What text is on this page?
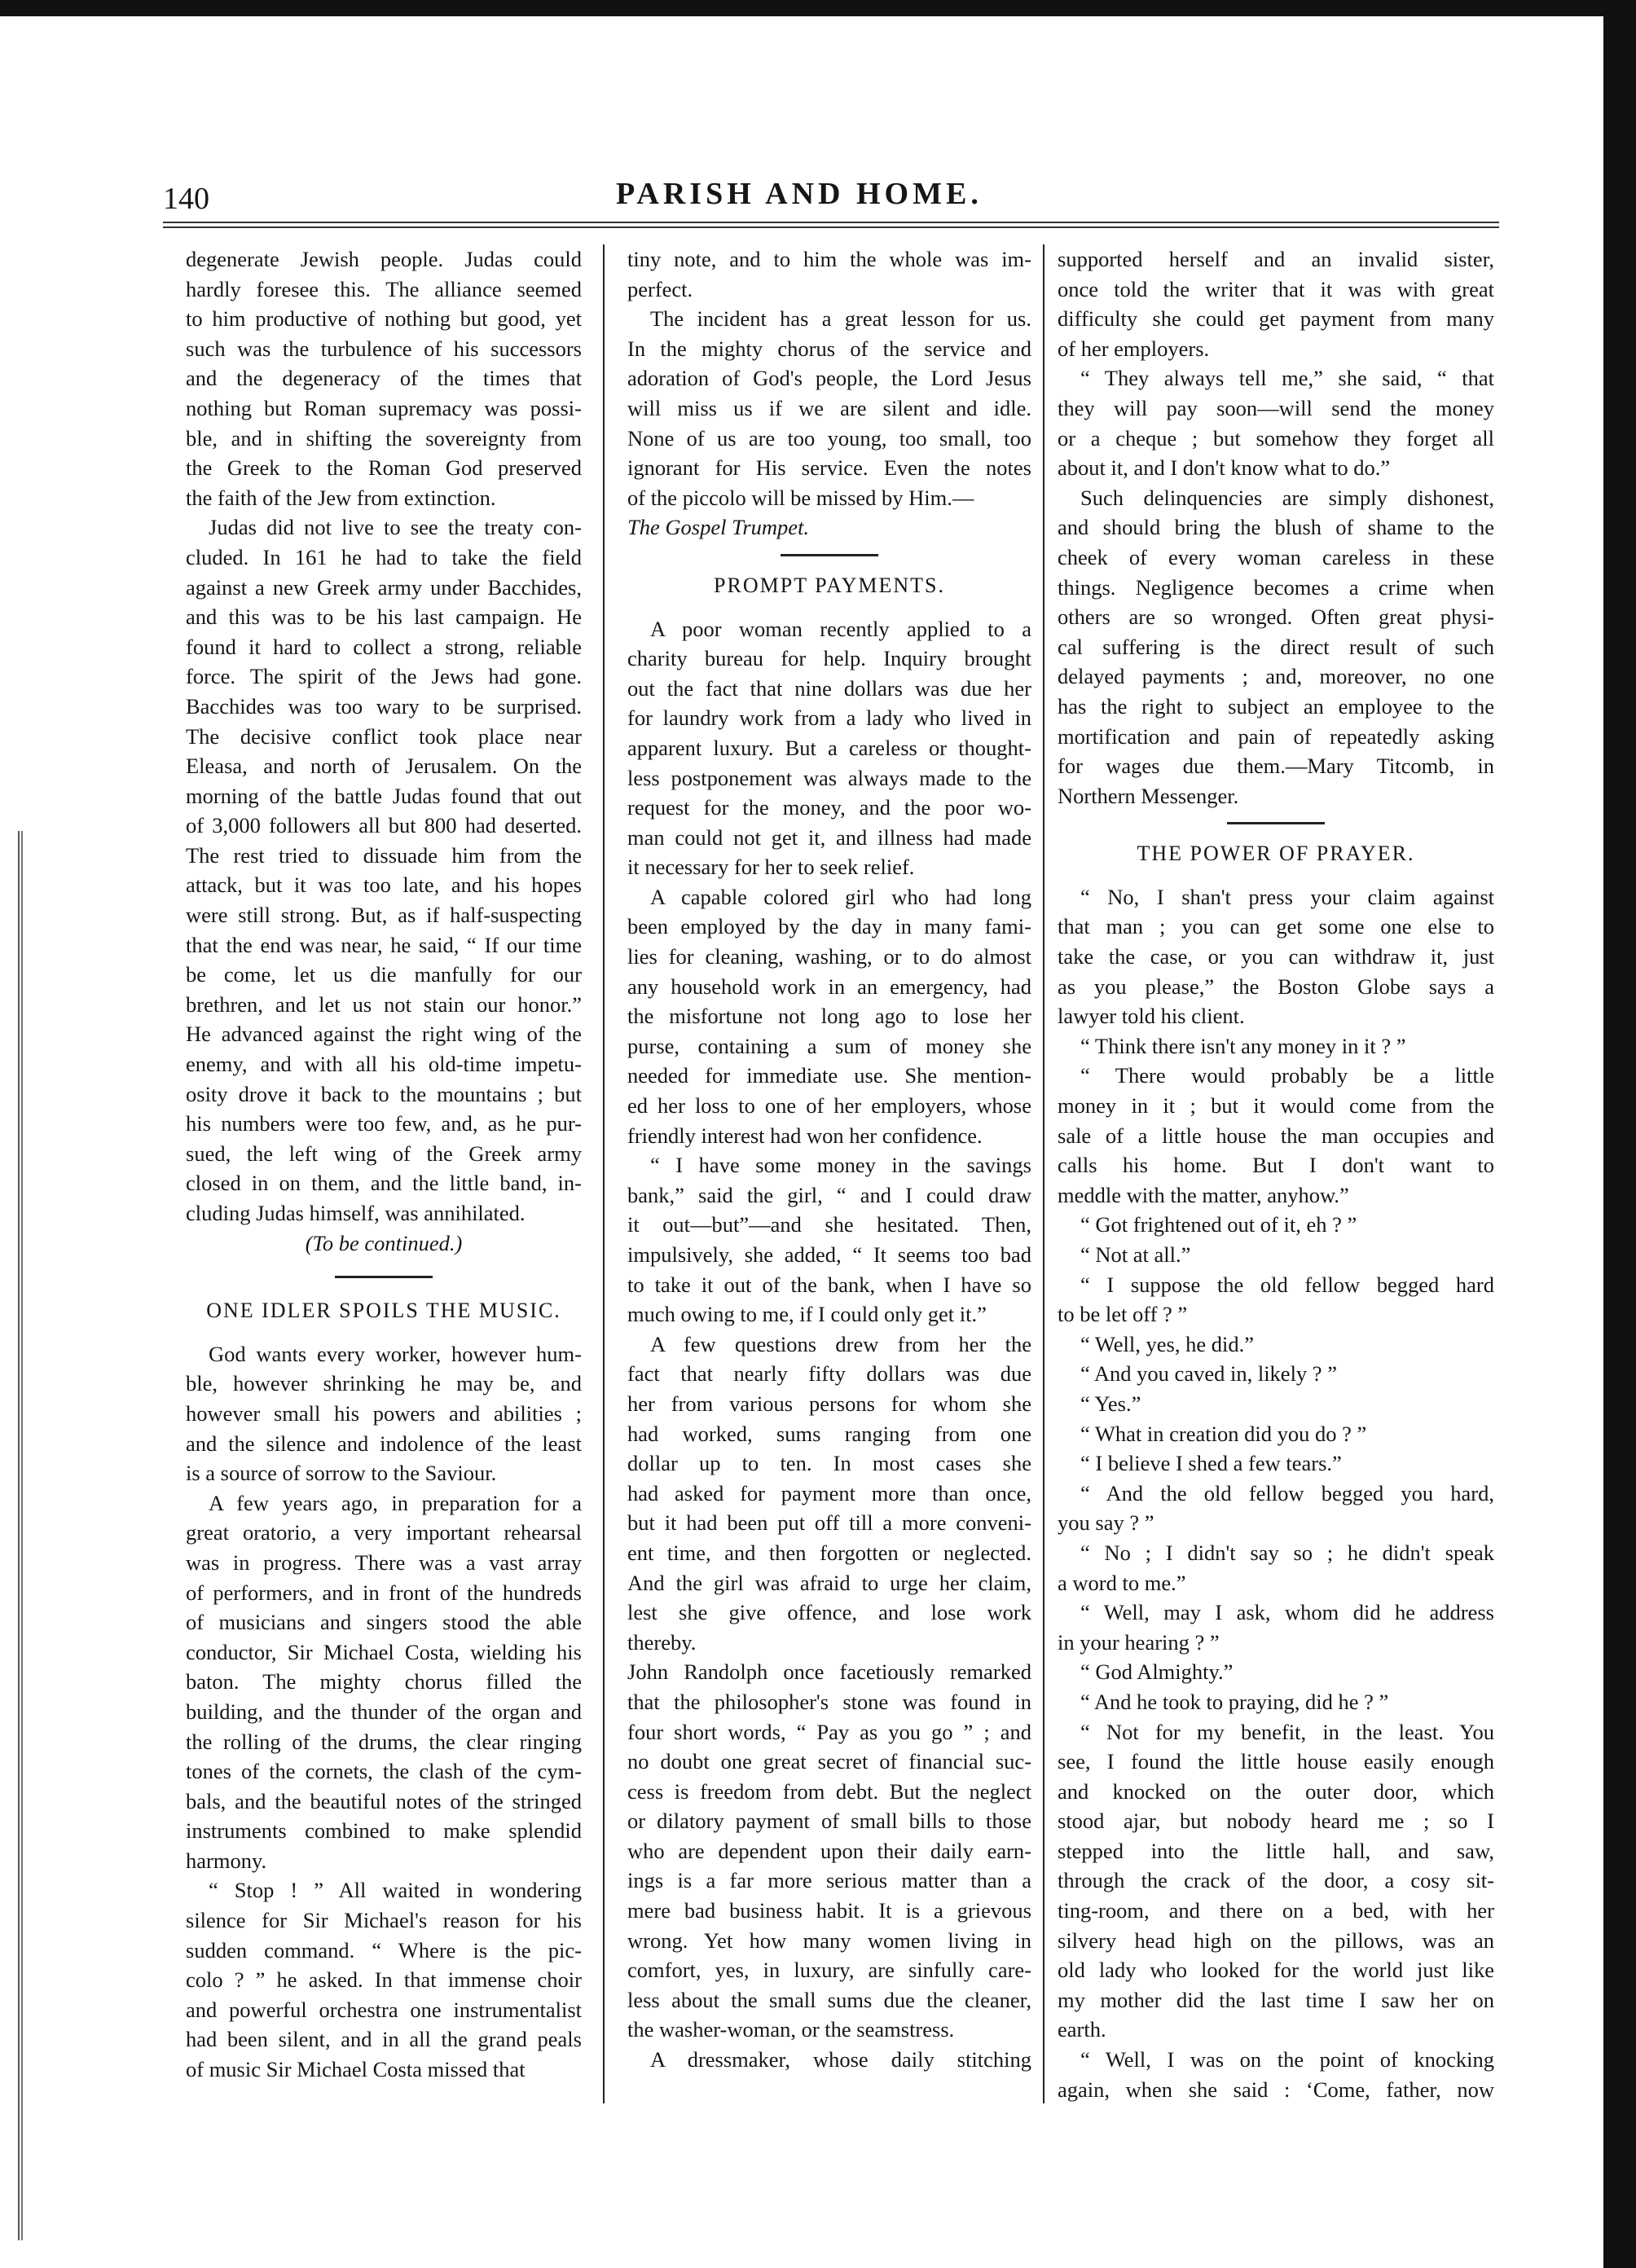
140	PARISH AND HOME.
degenerate Jewish people. Judas could
hardly foresee this. The alliance seemed
to him productive of nothing but good, yet
such was the turbulence of his successors
and the degeneracy of the times that
nothing but Roman supremacy was possi-
ble, and in shifting the sovereignty from
the Greek to the Roman God preserved
the faith of the Jew from extinction.
Judas did not live to see the treaty con-
cluded. In 161 he had to take the field
against a new Greek army under Bacchides,
and this was to be his last campaign. He
found it hard to collect a strong, reliable
force. The spirit of the Jews had gone.
Bacchides was too wary to be surprised.
The decisive conflict took place near
Eleasa, and north of Jerusalem. On the
morning of the battle Judas found that out
of 3,000 followers all but 800 had deserted.
The rest tried to dissuade him from the
attack, but it was too late, and his hopes
were still strong. But, as if half-suspecting
that the end was near, he said, “ If our time
be come, let us die manfully for our
brethren, and let us not stain our honor.”
He advanced against the right wing of the
enemy, and with all his old-time impetu-
osity drove it back to the mountains ; but
his numbers were too few, and, as he pur-
sued, the left wing of the Greek army
closed in on them, and the little band, in-
cluding Judas himself, was annihilated.
(To be continued.)
ONE IDLER SPOILS THE MUSIC.
God wants every worker, however hum-
ble, however shrinking he may be, and
however small his powers and abilities ;
and the silence and indolence of the least
is a source of sorrow to the Saviour.
A few years ago, in preparation for a
great oratorio, a very important rehearsal
was in progress. There was a vast array
of performers, and in front of the hundreds
of musicians and singers stood the able
conductor, Sir Michael Costa, wielding his
baton. The mighty chorus filled the
building, and the thunder of the organ and
the rolling of the drums, the clear ringing
tones of the cornets, the clash of the cym-
bals, and the beautiful notes of the stringed
instruments combined to make splendid
harmony.
“ Stop ! ” All waited in wondering
silence for Sir Michael's reason for his
sudden command. “ Where is the pic-
colo ? ” he asked. In that immense choir
and powerful orchestra one instrumentalist
had been silent, and in all the grand peals
of music Sir Michael Costa missed that
tiny note, and to him the whole was im-
perfect.
The incident has a great lesson for us.
In the mighty chorus of the service and
adoration of God's people, the Lord Jesus
will miss us if we are silent and idle.
None of us are too young, too small, too
ignorant for His service. Even the notes
of the piccolo will be missed by Him.—
The Gospel Trumpet.
PROMPT PAYMENTS.
A poor woman recently applied to a
charity bureau for help. Inquiry brought
out the fact that nine dollars was due her
for laundry work from a lady who lived in
apparent luxury. But a careless or thought-
less postponement was always made to the
request for the money, and the poor wo-
man could not get it, and illness had made
it necessary for her to seek relief.
A capable colored girl who had long
been employed by the day in many fami-
lies for cleaning, washing, or to do almost
any household work in an emergency, had
the misfortune not long ago to lose her
purse, containing a sum of money she
needed for immediate use. She mention-
ed her loss to one of her employers, whose
friendly interest had won her confidence.
“ I have some money in the savings
bank,” said the girl, “ and I could draw
it out—but”—and she hesitated. Then,
impulsively, she added, “ It seems too bad
to take it out of the bank, when I have so
much owing to me, if I could only get it.”
A few questions drew from her the
fact that nearly fifty dollars was due
her from various persons for whom she
had worked, sums ranging from one
dollar up to ten. In most cases she
had asked for payment more than once,
but it had been put off till a more conveni-
ent time, and then forgotten or neglected.
And the girl was afraid to urge her claim,
lest she give offence, and lose work
thereby.
John Randolph once facetiously remarked
that the philosopher's stone was found in
four short words, “ Pay as you go ” ; and
no doubt one great secret of financial suc-
cess is freedom from debt. But the neglect
or dilatory payment of small bills to those
who are dependent upon their daily earn-
ings is a far more serious matter than a
mere bad business habit. It is a grievous
wrong. Yet how many women living in
comfort, yes, in luxury, are sinfully care-
less about the small sums due the cleaner,
the washer-woman, or the seamstress.
A dressmaker, whose daily stitching
supported herself and an invalid sister,
once told the writer that it was with great
difficulty she could get payment from many
of her employers.
“ They always tell me,” she said, “ that
they will pay soon—will send the money
or a cheque ; but somehow they forget all
about it, and I don't know what to do.”
Such delinquencies are simply dishonest,
and should bring the blush of shame to the
cheek of every woman careless in these
things. Negligence becomes a crime when
others are so wronged. Often great physi-
cal suffering is the direct result of such
delayed payments ; and, moreover, no one
has the right to subject an employee to the
mortification and pain of repeatedly asking
for wages due them.—Mary Titcomb, in
Northern Messenger.
THE POWER OF PRAYER.
“ No, I shan't press your claim against
that man ; you can get some one else to
take the case, or you can withdraw it, just
as you please,” the Boston Globe says a
lawyer told his client.
“ Think there isn't any money in it ? ”
“ There would probably be a little
money in it ; but it would come from the
sale of a little house the man occupies and
calls his home. But I don't want to
meddle with the matter, anyhow.”
“ Got frightened out of it, eh ? ”
“ Not at all.”
“ I suppose the old fellow begged hard
to be let off ? ”
“ Well, yes, he did.”
“ And you caved in, likely ? ”
“ Yes.”
“ What in creation did you do ? ”
“ I believe I shed a few tears.”
“ And the old fellow begged you hard,
you say ? ”
“ No ; I didn't say so ; he didn't speak
a word to me.”
“ Well, may I ask, whom did he address
in your hearing ? ”
“ God Almighty.”
“ And he took to praying, did he ? ”
“ Not for my benefit, in the least. You
see, I found the little house easily enough
and knocked on the outer door, which
stood ajar, but nobody heard me ; so I
stepped into the little hall, and saw,
through the crack of the door, a cosy sit-
ting-room, and there on a bed, with her
silvery head high on the pillows, was an
old lady who looked for the world just like
my mother did the last time I saw her on
earth.
“ Well, I was on the point of knocking
again, when she said : ‘Come, father, now
